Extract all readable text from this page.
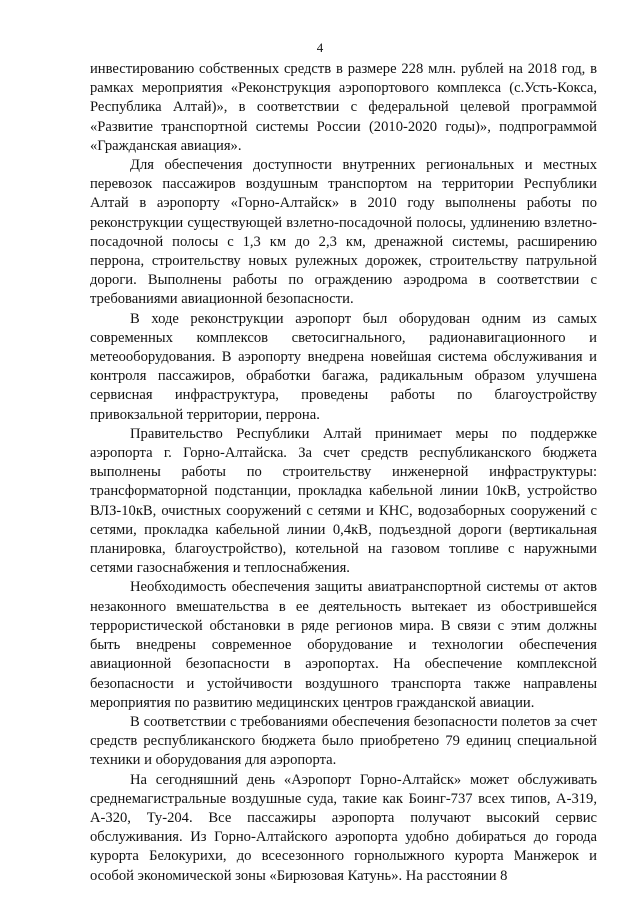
4

инвестированию собственных средств в размере 228 млн. рублей на 2018 год, в рамках мероприятия «Реконструкция аэропортового комплекса (с.Усть-Кокса, Республика Алтай)», в соответствии с федеральной целевой программой «Развитие транспортной системы России (2010-2020 годы)», подпрограммой «Гражданская авиация».

Для обеспечения доступности внутренних региональных и местных перевозок пассажиров воздушным транспортом на территории Республики Алтай в аэропорту «Горно-Алтайск» в 2010 году выполнены работы по реконструкции существующей взлетно-посадочной полосы, удлинению взлетно-посадочной полосы с 1,3 км до 2,3 км, дренажной системы, расширению перрона, строительству новых рулежных дорожек, строительству патрульной дороги. Выполнены работы по ограждению аэродрома в соответствии с требованиями авиационной безопасности.

В ходе реконструкции аэропорт был оборудован одним из самых современных комплексов светосигнального, радионавигационного и метеооборудования. В аэропорту внедрена новейшая система обслуживания и контроля пассажиров, обработки багажа, радикальным образом улучшена сервисная инфраструктура, проведены работы по благоустройству привокзальной территории, перрона.

Правительство Республики Алтай принимает меры по поддержке аэропорта г. Горно-Алтайска. За счет средств республиканского бюджета выполнены работы по строительству инженерной инфраструктуры: трансформаторной подстанции, прокладка кабельной линии 10кВ, устройство ВЛЗ-10кВ, очистных сооружений с сетями и КНС, водозаборных сооружений с сетями, прокладка кабельной линии 0,4кВ, подъездной дороги (вертикальная планировка, благоустройство), котельной на газовом топливе с наружными сетями газоснабжения и теплоснабжения.

Необходимость обеспечения защиты авиатранспортной системы от актов незаконного вмешательства в ее деятельность вытекает из обострившейся террористической обстановки в ряде регионов мира. В связи с этим должны быть внедрены современное оборудование и технологии обеспечения авиационной безопасности в аэропортах. На обеспечение комплексной безопасности и устойчивости воздушного транспорта также направлены мероприятия по развитию медицинских центров гражданской авиации.

В соответствии с требованиями обеспечения безопасности полетов за счет средств республиканского бюджета было приобретено 79 единиц специальной техники и оборудования для аэропорта.

На сегодняшний день «Аэропорт Горно-Алтайск» может обслуживать среднемагистральные воздушные суда, такие как Боинг-737 всех типов, А-319, А-320, Ту-204. Все пассажиры аэропорта получают высокий сервис обслуживания. Из Горно-Алтайского аэропорта удобно добираться до города курорта Белокурихи, до всесезонного горнолыжного курорта Манжерок и особой экономической зоны «Бирюзовая Катунь». На расстоянии 8
